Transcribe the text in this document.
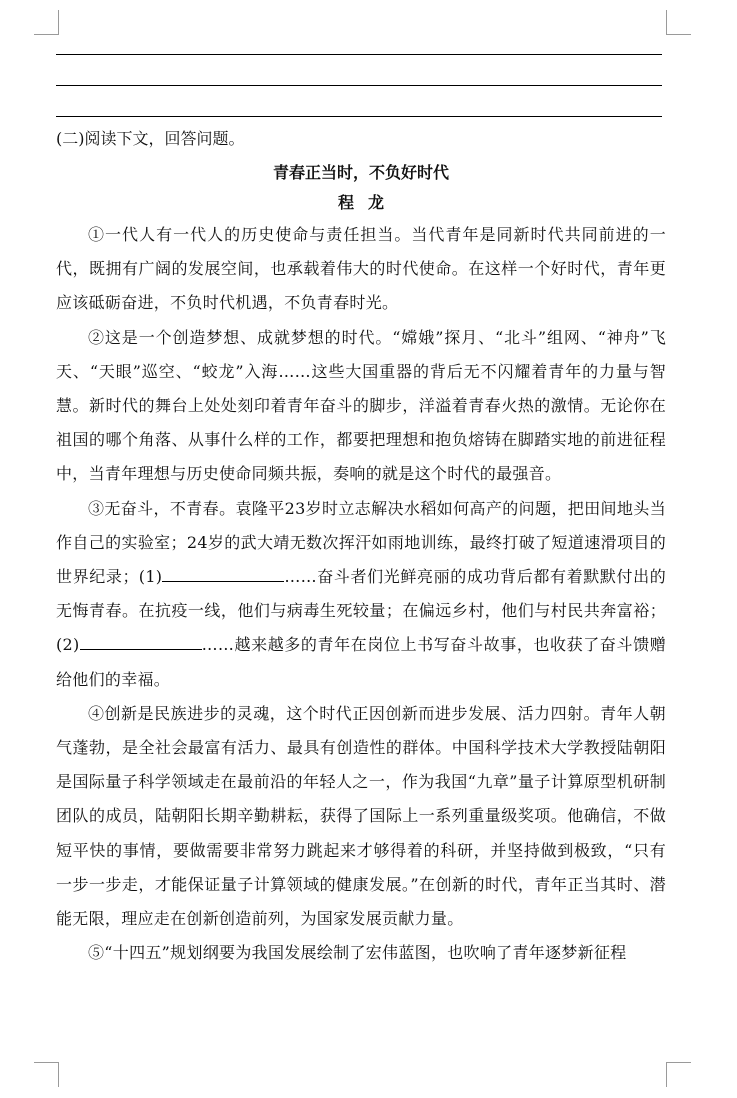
(二)阅读下文，回答问题。
青春正当时，不负好时代
程龙

①一代人有一代人的历史使命与责任担当。当代青年是同新时代共同前进的一代，既拥有广阔的发展空间，也承载着伟大的时代使命。在这样一个好时代，青年更应该砥砺奋进，不负时代机遇，不负青春时光。

②这是一个创造梦想、成就梦想的时代。“嫦娥”探月、“北斗”组网、“神舟”飞天、“天眼”巡空、“蛟龙”入海……这些大国重器的背后无不闪耀着青年的力量与智慧。新时代的舞台上处处刻印着青年奋斗的脚步，洋溢着青春火热的激情。无论你在祖国的哪个角落、从事什么样的工作，都要把理想和抱负熔铸在脚踏实地的前进征程中，当青年理想与历史使命同频共振，奏响的就是这个时代的最强音。

③无奋斗，不青春。袁隆平23岁时立志解决水稻如何高产的问题，把田间地头当作自己的实验室；24岁的武大靖无数次挥汗如雨地训练，最终打破了短道速滑项目的世界纪录；(1)	……奋斗者们光鲜亮丽的成功背后都有着默默付出的无悔青春。在抗疫一线，他们与病毒生死较量；在偏远乡村，他们与村民共奔富裕；(2)	……越来越多的青年在岗位上书写奋斗故事，也收获了奋斗馈赠给他们的幸福。

④创新是民族进步的灵魂，这个时代正因创新而进步发展、活力四射。青年人朝气蓬勃，是全社会最富有活力、最具有创造性的群体。中国科学技术大学教授陆朝阳是国际量子科学领域走在最前沿的年轻人之一，作为我国“九章”量子计算原型机研制团队的成员，陆朝阳长期辛勤耕耘，获得了国际上一系列重量级奖项。他确信，不做短平快的事情，要做需要非常努力跳起来才够得着的科研，并坚持做到极致，“只有一步一步走，才能保证量子计算领域的健康发展。”在创新的时代，青年正当其时、潜能无限，理应走在创新创造前列，为国家发展贡献力量。

⑤“十四五”规划纲要为我国发展绘制了宏伟蓝图，也吹响了青年逐梦新征程
